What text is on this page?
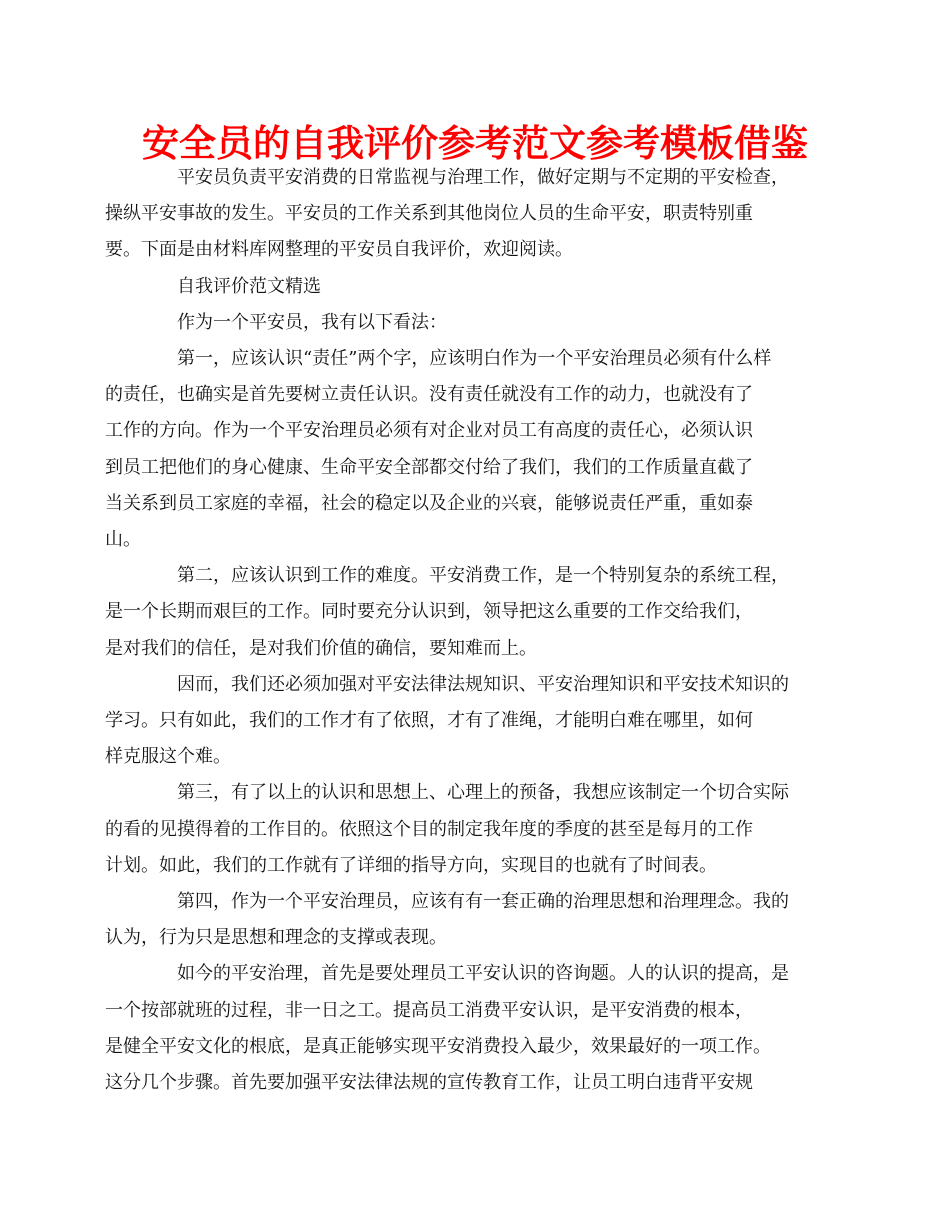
安全员的自我评价参考范文参考模板借鉴

平安员负责平安消费的日常监视与治理工作，做好定期与不定期的平安检查，
操纵平安事故的发生。平安员的工作关系到其他岗位人员的生命平安，职责特别重
要。下面是由材料库网整理的平安员自我评价，欢迎阅读。

自我评价范文精选

作为一个平安员，我有以下看法：

第一，应该认识“责任”两个字，应该明白作为一个平安治理员必须有什么样
的责任，也确实是首先要树立责任认识。没有责任就没有工作的动力，也就没有了
工作的方向。作为一个平安治理员必须有对企业对员工有高度的责任心，必须认识
到员工把他们的身心健康、生命平安全部都交付给了我们，我们的工作质量直截了
当关系到员工家庭的幸福，社会的稳定以及企业的兴衰，能够说责任严重，重如泰
山。

第二，应该认识到工作的难度。平安消费工作，是一个特别复杂的系统工程，
是一个长期而艰巨的工作。同时要充分认识到，领导把这么重要的工作交给我们，
是对我们的信任，是对我们价值的确信，要知难而上。

因而，我们还必须加强对平安法律法规知识、平安治理知识和平安技术知识的
学习。只有如此，我们的工作才有了依照，才有了准绳，才能明白难在哪里，如何
样克服这个难。

第三，有了以上的认识和思想上、心理上的预备，我想应该制定一个切合实际
的看的见摸得着的工作目的。依照这个目的制定我年度的季度的甚至是每月的工作
计划。如此，我们的工作就有了详细的指导方向，实现目的也就有了时间表。

第四，作为一个平安治理员，应该有有一套正确的治理思想和治理理念。我的
认为，行为只是思想和理念的支撑或表现。

如今的平安治理，首先是要处理员工平安认识的咨询题。人的认识的提高，是
一个按部就班的过程，非一日之工。提高员工消费平安认识，是平安消费的根本，
是健全平安文化的根底，是真正能够实现平安消费投入最少，效果最好的一项工作。
这分几个步骤。首先要加强平安法律法规的宣传教育工作，让员工明白违背平安规
